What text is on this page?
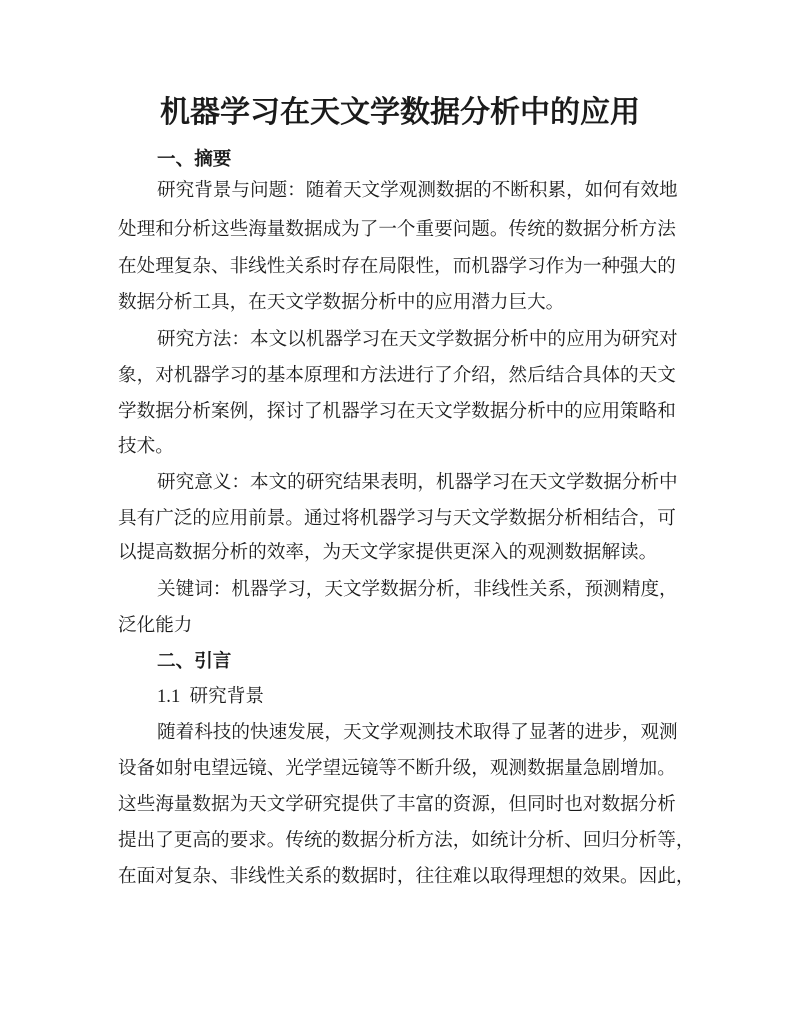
机器学习在天文学数据分析中的应用
一、摘要
研究背景与问题：随着天文学观测数据的不断积累，如何有效地
处理和分析这些海量数据成为了一个重要问题。传统的数据分析方法
在处理复杂、非线性关系时存在局限性，而机器学习作为一种强大的
数据分析工具，在天文学数据分析中的应用潜力巨大。
研究方法：本文以机器学习在天文学数据分析中的应用为研究对
象，对机器学习的基本原理和方法进行了介绍，然后结合具体的天文
学数据分析案例，探讨了机器学习在天文学数据分析中的应用策略和
技术。
研究意义：本文的研究结果表明，机器学习在天文学数据分析中
具有广泛的应用前景。通过将机器学习与天文学数据分析相结合，可
以提高数据分析的效率，为天文学家提供更深入的观测数据解读。
关键词：机器学习，天文学数据分析，非线性关系，预测精度，
泛化能力
二、引言
1.1  研究背景
随着科技的快速发展，天文学观测技术取得了显著的进步，观测
设备如射电望远镜、光学望远镜等不断升级，观测数据量急剧增加。
这些海量数据为天文学研究提供了丰富的资源，但同时也对数据分析
提出了更高的要求。传统的数据分析方法，如统计分析、回归分析等，
在面对复杂、非线性关系的数据时，往往难以取得理想的效果。因此，
